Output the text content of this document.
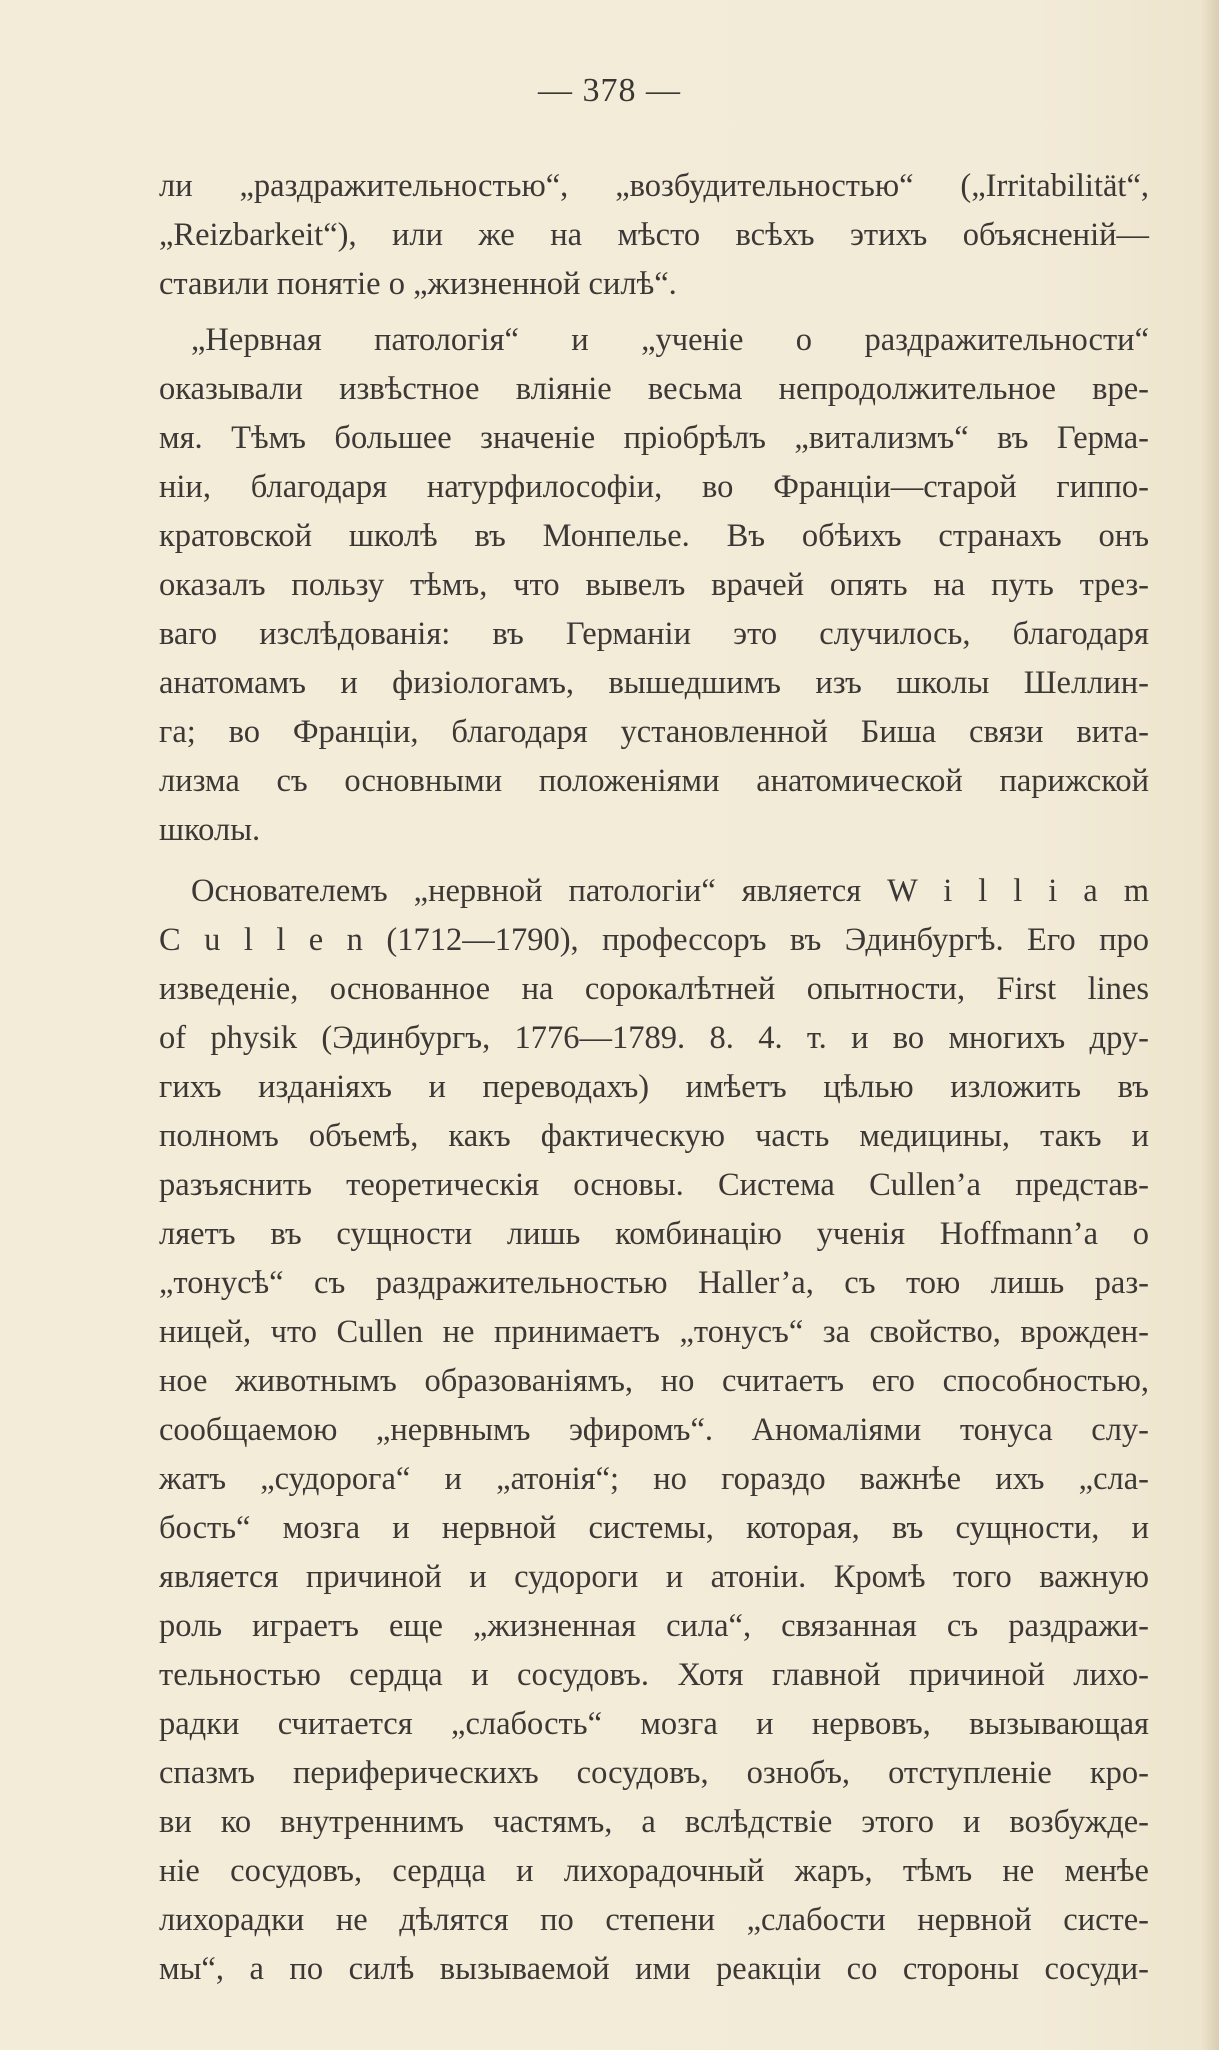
— 378 —
ли „раздражительностью“, „возбудительностью“ („Irritabilität“,
„Reizbarkeit“), или же на мѣсто всѣхъ этихъ объясненій—
ставили понятіе о „жизненной силѣ“.
„Нервная патологія“ и „ученіе о раздражительности“
оказывали извѣстное вліяніе весьма непродолжительное вре-
мя. Тѣмъ большее значеніе пріобрѣлъ „витализмъ“ въ Герма-
ніи, благодаря натурфилософіи, во Франціи—старой гиппо-
кратовской школѣ въ Монпелье. Въ обѣихъ странахъ онъ
оказалъ пользу тѣмъ, что вывелъ врачей опять на путь трез-
ваго изслѣдованія: въ Германіи это случилось, благодаря
анатомамъ и физіологамъ, вышедшимъ изъ школы Шеллин-
га; во Франціи, благодаря установленной Биша связи вита-
лизма съ основными положеніями анатомической парижской
школы.
Основателемъ „нервной патологіи“ является W i l l i a m
C u l l e n (1712—1790), профессоръ въ Эдинбургѣ. Его про
изведеніе, основанное на сорокалѣтней опытности, First lines
of physik (Эдинбургъ, 1776—1789. 8. 4. т. и во многихъ дру-
гихъ изданіяхъ и переводахъ) имѣетъ цѣлью изложить въ
полномъ объемѣ, какъ фактическую часть медицины, такъ и
разъяснить теоретическія основы. Система Cullen’а представ-
ляетъ въ сущности лишь комбинацію ученія Hoffmann’а о
„тонусѣ“ съ раздражительностью Haller’а, съ тою лишь раз-
ницей, что Cullen не принимаетъ „тонусъ“ за свойство, врожден-
ное животнымъ образованіямъ, но считаетъ его способностью,
сообщаемою „нервнымъ эфиромъ“. Аномаліями тонуса слу-
жатъ „судорога“ и „атонія“; но гораздо важнѣе ихъ „сла-
бость“ мозга и нервной системы, которая, въ сущности, и
является причиной и судороги и атоніи. Кромѣ того важную
роль играетъ еще „жизненная сила“, связанная съ раздражи-
тельностью сердца и сосудовъ. Хотя главной причиной лихо-
радки считается „слабость“ мозга и нервовъ, вызывающая
спазмъ периферическихъ сосудовъ, ознобъ, отступленіе кро-
ви ко внутреннимъ частямъ, а вслѣдствіе этого и возбужде-
ніе сосудовъ, сердца и лихорадочный жаръ, тѣмъ не менѣе
лихорадки не дѣлятся по степени „слабости нервной систе-
мы“, а по силѣ вызываемой ими реакціи со стороны сосуди-
